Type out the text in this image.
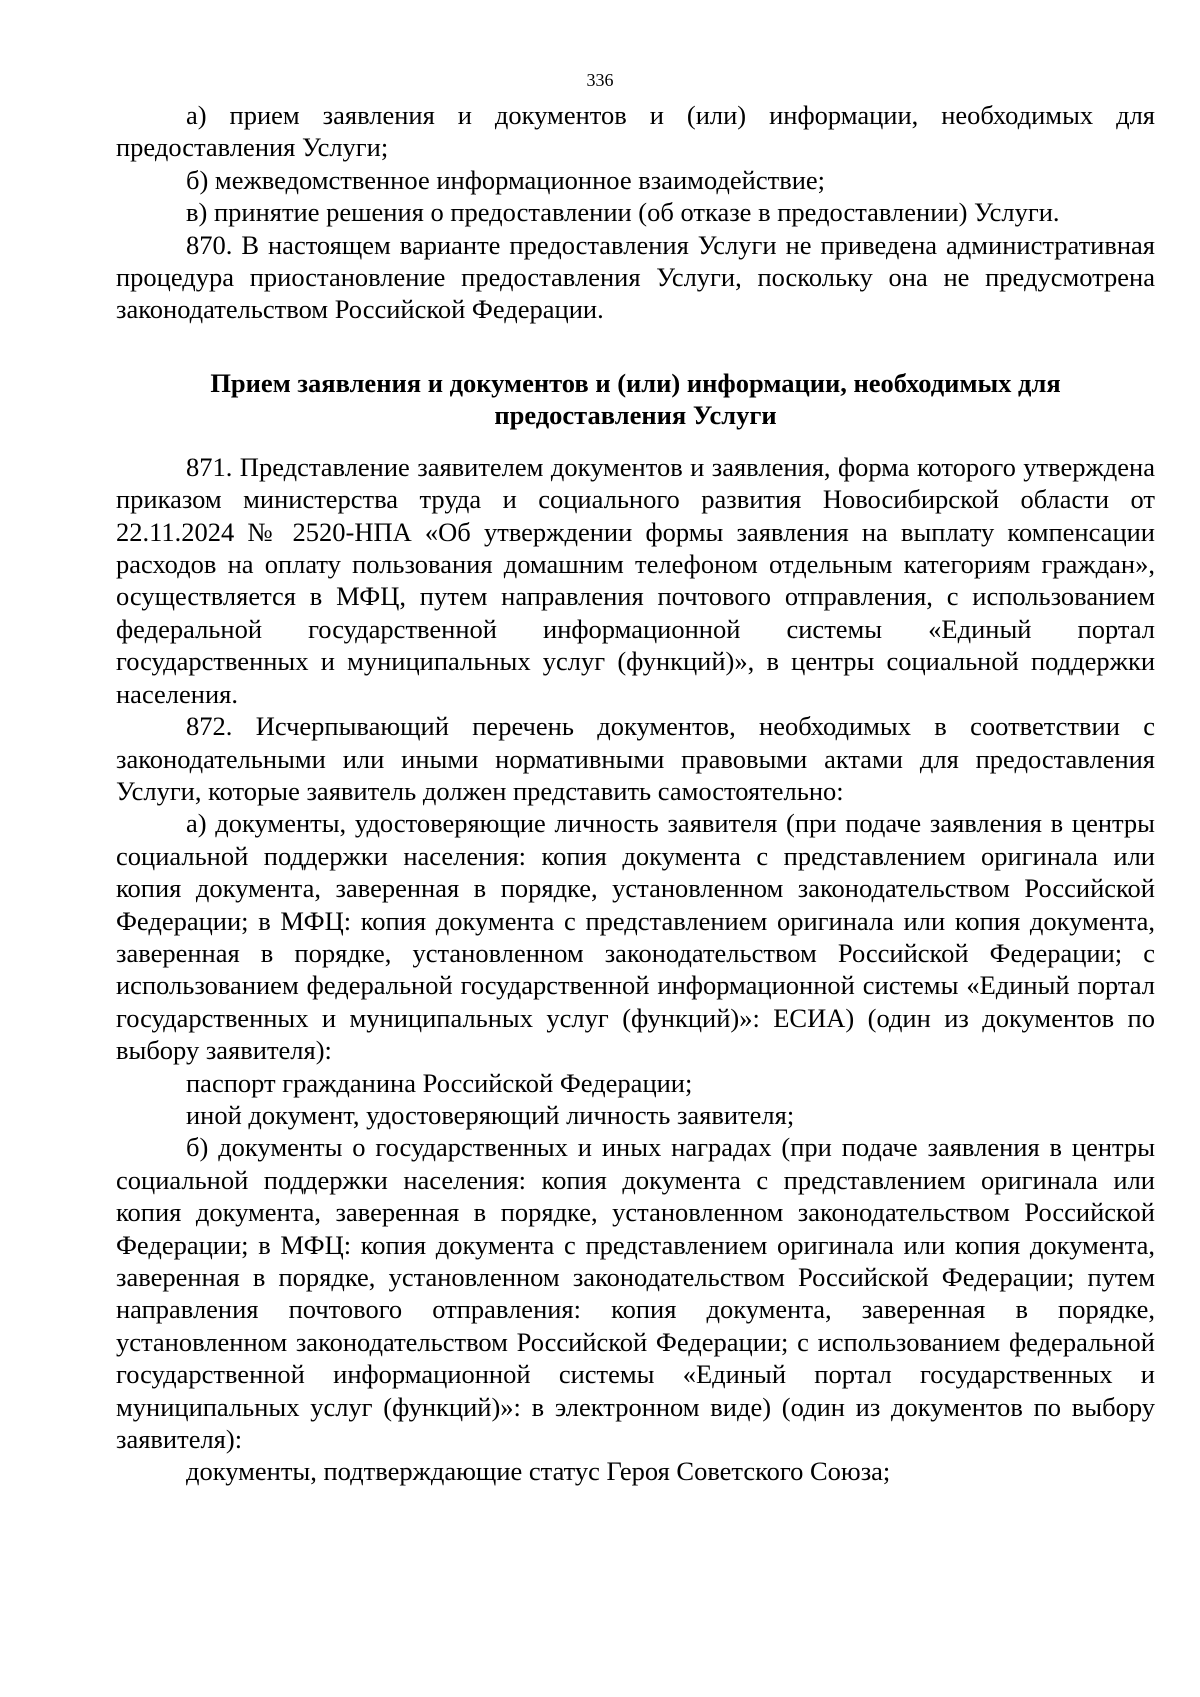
336

а) прием заявления и документов и (или) информации, необходимых для предоставления Услуги;

б) межведомственное информационное взаимодействие;

в) принятие решения о предоставлении (об отказе в предоставлении) Услуги.

870. В настоящем варианте предоставления Услуги не приведена административная процедура приостановление предоставления Услуги, поскольку она не предусмотрена законодательством Российской Федерации.

Прием заявления и документов и (или) информации, необходимых для предоставления Услуги

871. Представление заявителем документов и заявления, форма которого утверждена приказом министерства труда и социального развития Новосибирской области от 22.11.2024 № 2520-НПА «Об утверждении формы заявления на выплату компенсации расходов на оплату пользования домашним телефоном отдельным категориям граждан», осуществляется в МФЦ, путем направления почтового отправления, с использованием федеральной государственной информационной системы «Единый портал государственных и муниципальных услуг (функций)», в центры социальной поддержки населения.

872. Исчерпывающий перечень документов, необходимых в соответствии с законодательными или иными нормативными правовыми актами для предоставления Услуги, которые заявитель должен представить самостоятельно:

а) документы, удостоверяющие личность заявителя (при подаче заявления в центры социальной поддержки населения: копия документа с представлением оригинала или копия документа, заверенная в порядке, установленном законодательством Российской Федерации; в МФЦ: копия документа с представлением оригинала или копия документа, заверенная в порядке, установленном законодательством Российской Федерации; с использованием федеральной государственной информационной системы «Единый портал государственных и муниципальных услуг (функций)»: ЕСИА) (один из документов по выбору заявителя):

паспорт гражданина Российской Федерации;

иной документ, удостоверяющий личность заявителя;

б) документы о государственных и иных наградах (при подаче заявления в центры социальной поддержки населения: копия документа с представлением оригинала или копия документа, заверенная в порядке, установленном законодательством Российской Федерации; в МФЦ: копия документа с представлением оригинала или копия документа, заверенная в порядке, установленном законодательством Российской Федерации; путем направления почтового отправления: копия документа, заверенная в порядке, установленном законодательством Российской Федерации; с использованием федеральной государственной информационной системы «Единый портал государственных и муниципальных услуг (функций)»: в электронном виде) (один из документов по выбору заявителя):

документы, подтверждающие статус Героя Советского Союза;
